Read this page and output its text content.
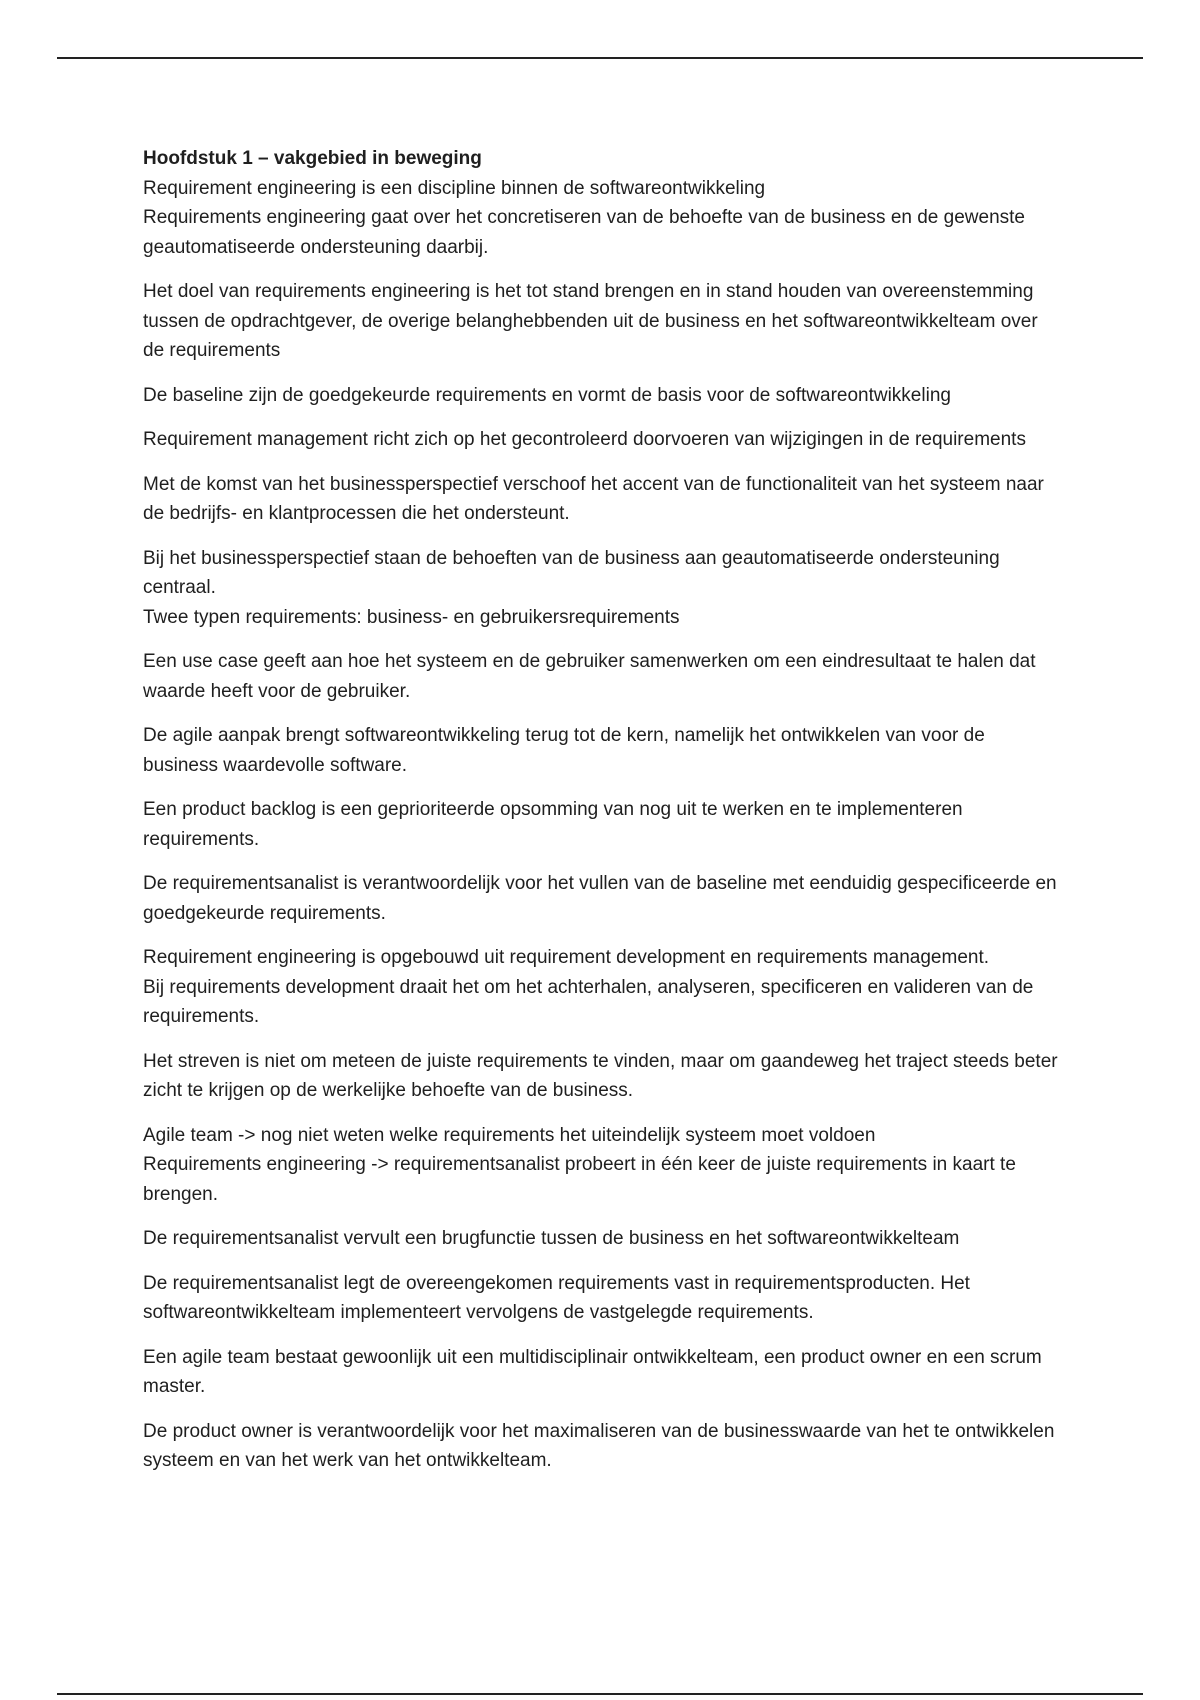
Hoofdstuk 1 – vakgebied in beweging
Requirement engineering is een discipline binnen de softwareontwikkeling
Requirements engineering gaat over het concretiseren van de behoefte van de business en de gewenste geautomatiseerde ondersteuning daarbij.

Het doel van requirements engineering is het tot stand brengen en in stand houden van overeenstemming tussen de opdrachtgever, de overige belanghebbenden uit de business en het softwareontwikkelteam over de requirements

De baseline zijn de goedgekeurde requirements en vormt de basis voor de softwareontwikkeling

Requirement management richt zich op het gecontroleerd doorvoeren van wijzigingen in de requirements

Met de komst van het businessperspectief verschoof het accent van de functionaliteit van het systeem naar de bedrijfs- en klantprocessen die het ondersteunt.

Bij het businessperspectief staan de behoeften van de business aan geautomatiseerde ondersteuning centraal.
Twee typen requirements: business- en gebruikersrequirements

Een use case geeft aan hoe het systeem en de gebruiker samenwerken om een eindresultaat te halen dat waarde heeft voor de gebruiker.

De agile aanpak brengt softwareontwikkeling terug tot de kern, namelijk het ontwikkelen van voor de business waardevolle software.

Een product backlog is een geprioriteerde opsomming van nog uit te werken en te implementeren requirements.

De requirementsanalist is verantwoordelijk voor het vullen van de baseline met eenduidig gespecificeerde en goedgekeurde requirements.

Requirement engineering is opgebouwd uit requirement development en requirements management.
Bij requirements development draait het om het achterhalen, analyseren, specificeren en valideren van de requirements.

Het streven is niet om meteen de juiste requirements te vinden, maar om gaandeweg het traject steeds beter zicht te krijgen op de werkelijke behoefte van de business.

Agile team -> nog niet weten welke requirements het uiteindelijk systeem moet voldoen
Requirements engineering -> requirementsanalist probeert in één keer de juiste requirements in kaart te brengen.

De requirementsanalist vervult een brugfunctie tussen de business en het softwareontwikkelteam

De requirementsanalist legt de overeengekomen requirements vast in requirementsproducten. Het softwareontwikkelteam implementeert vervolgens de vastgelegde requirements.

Een agile team bestaat gewoonlijk uit een multidisciplinair ontwikkelteam, een product owner en een scrum master.

De product owner is verantwoordelijk voor het maximaliseren van de businesswaarde van het te ontwikkelen systeem en van het werk van het ontwikkelteam.
